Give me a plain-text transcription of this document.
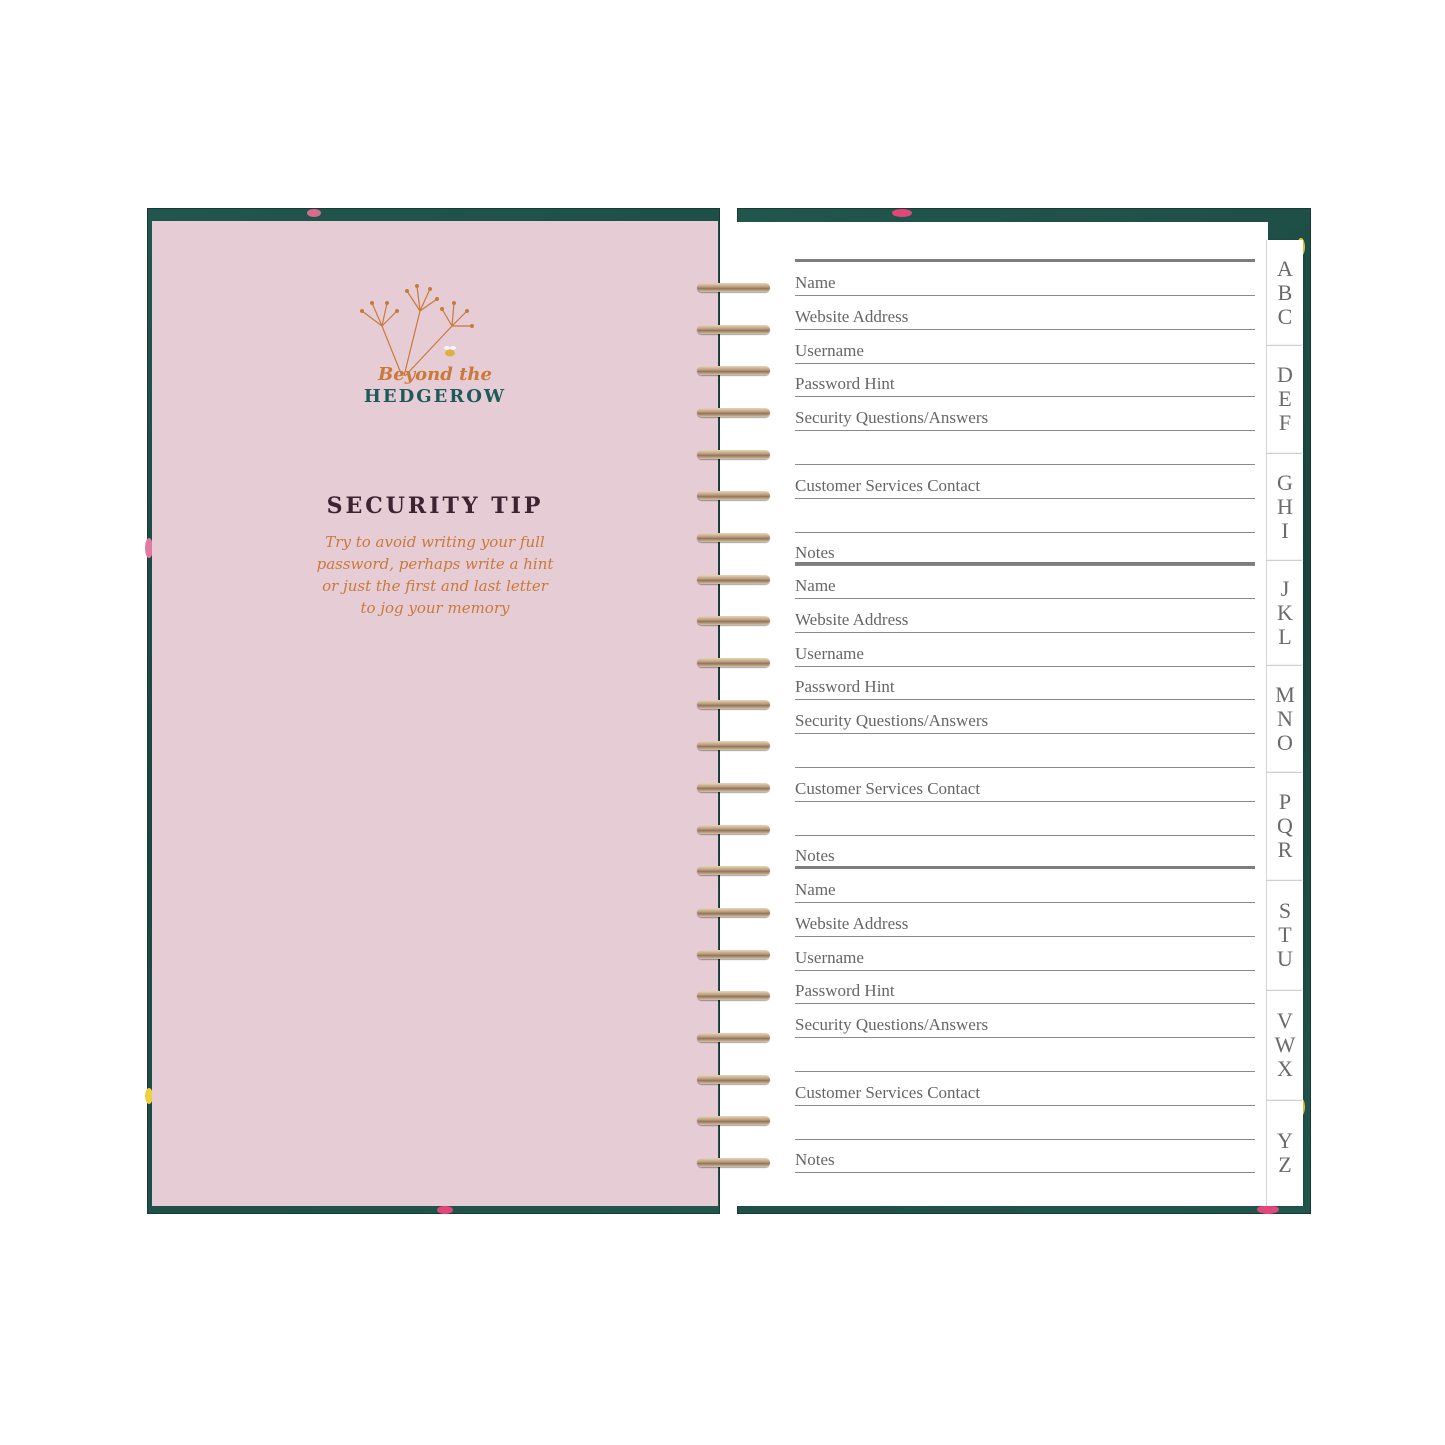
Beyond the
HEDGEROW
SECURITY TIP
Try to avoid writing your full
password, perhaps write a hint
or just the first and last letter
to jog your memory
Name
Website Address
Username
Password Hint
Security Questions/Answers
Customer Services Contact
Notes
Name
Website Address
Username
Password Hint
Security Questions/Answers
Customer Services Contact
Notes
Name
Website Address
Username
Password Hint
Security Questions/Answers
Customer Services Contact
Notes
A
B
C
D
E
F
G
H
I
J
K
L
M
N
O
P
Q
R
S
T
U
V
W
X
Y
Z
